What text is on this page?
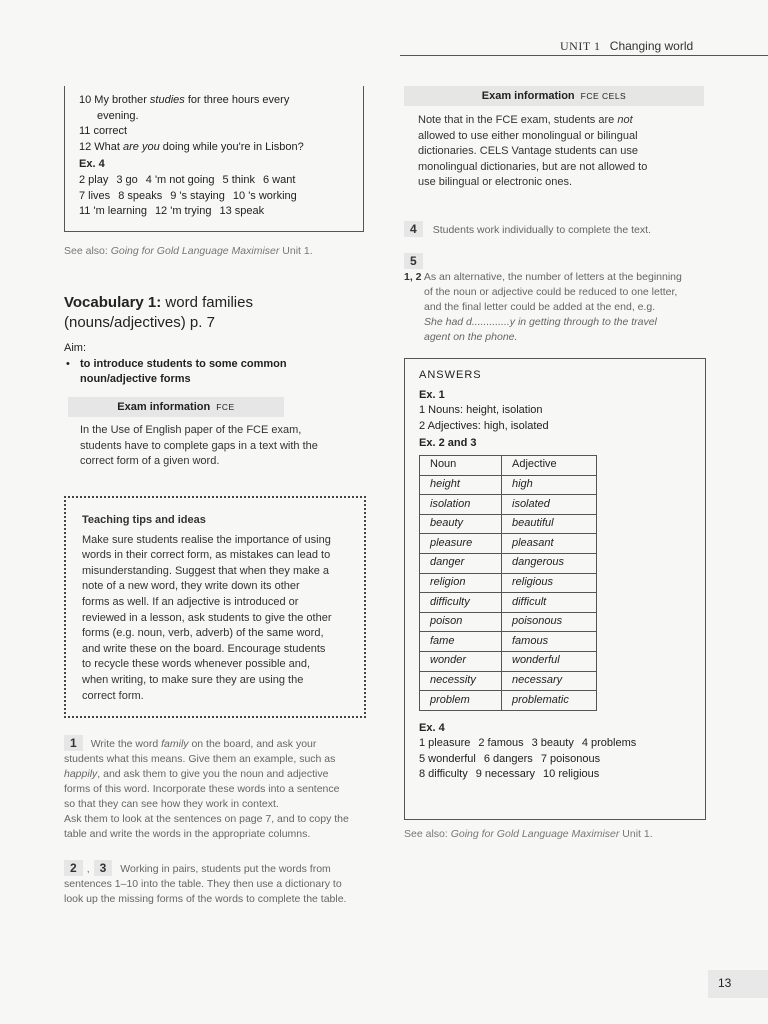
UNIT 1 Changing world
10 My brother studies for three hours every
evening.
11 correct
12 What are you doing while you're in Lisbon?
Ex. 4
2 play 3 go 4 'm not going 5 think 6 want
7 lives 8 speaks 9 's staying 10 's working
11 'm learning 12 'm trying 13 speak
See also: Going for Gold Language Maximiser Unit 1.
Vocabulary 1: word families
(nouns/adjectives) p. 7
Aim:
• to introduce students to some common
noun/adjective forms
Exam information FCE
In the Use of English paper of the FCE exam,
students have to complete gaps in a text with the
correct form of a given word.
Teaching tips and ideas
Make sure students realise the importance of using
words in their correct form, as mistakes can lead to
misunderstanding. Suggest that when they make a
note of a new word, they write down its other
forms as well. If an adjective is introduced or
reviewed in a lesson, ask students to give the other
forms (e.g. noun, verb, adverb) of the same word,
and write these on the board. Encourage students
to recycle these words whenever possible and,
when writing, to make sure they are using the
correct form.
1 Write the word family on the board, and ask your
students what this means. Give them an example, such as
happily, and ask them to give you the noun and adjective
forms of this word. Incorporate these words into a sentence
so that they can see how they work in context.
Ask them to look at the sentences on page 7, and to copy the
table and write the words in the appropriate columns.
2 , 3 Working in pairs, students put the words from
sentences 1–10 into the table. They then use a dictionary to
look up the missing forms of the words to complete the table.
Exam information FCE CELS
Note that in the FCE exam, students are not
allowed to use either monolingual or bilingual
dictionaries. CELS Vantage students can use
monolingual dictionaries, but are not allowed to
use bilingual or electronic ones.
4 Students work individually to complete the text.
5
1, 2 As an alternative, the number of letters at the beginning
of the noun or adjective could be reduced to one letter,
and the final letter could be added at the end, e.g.
She had d.............y in getting through to the travel
agent on the phone.
ANSWERS
Ex. 1
1 Nouns: height, isolation
2 Adjectives: high, isolated
Ex. 2 and 3
Noun	Adjective
height	high
isolation	isolated
beauty	beautiful
pleasure	pleasant
danger	dangerous
religion	religious
difficulty	difficult
poison	poisonous
fame	famous
wonder	wonderful
necessity	necessary
problem	problematic
Ex. 4
1 pleasure 2 famous 3 beauty 4 problems
5 wonderful 6 dangers 7 poisonous
8 difficulty 9 necessary 10 religious
See also: Going for Gold Language Maximiser Unit 1.
13
